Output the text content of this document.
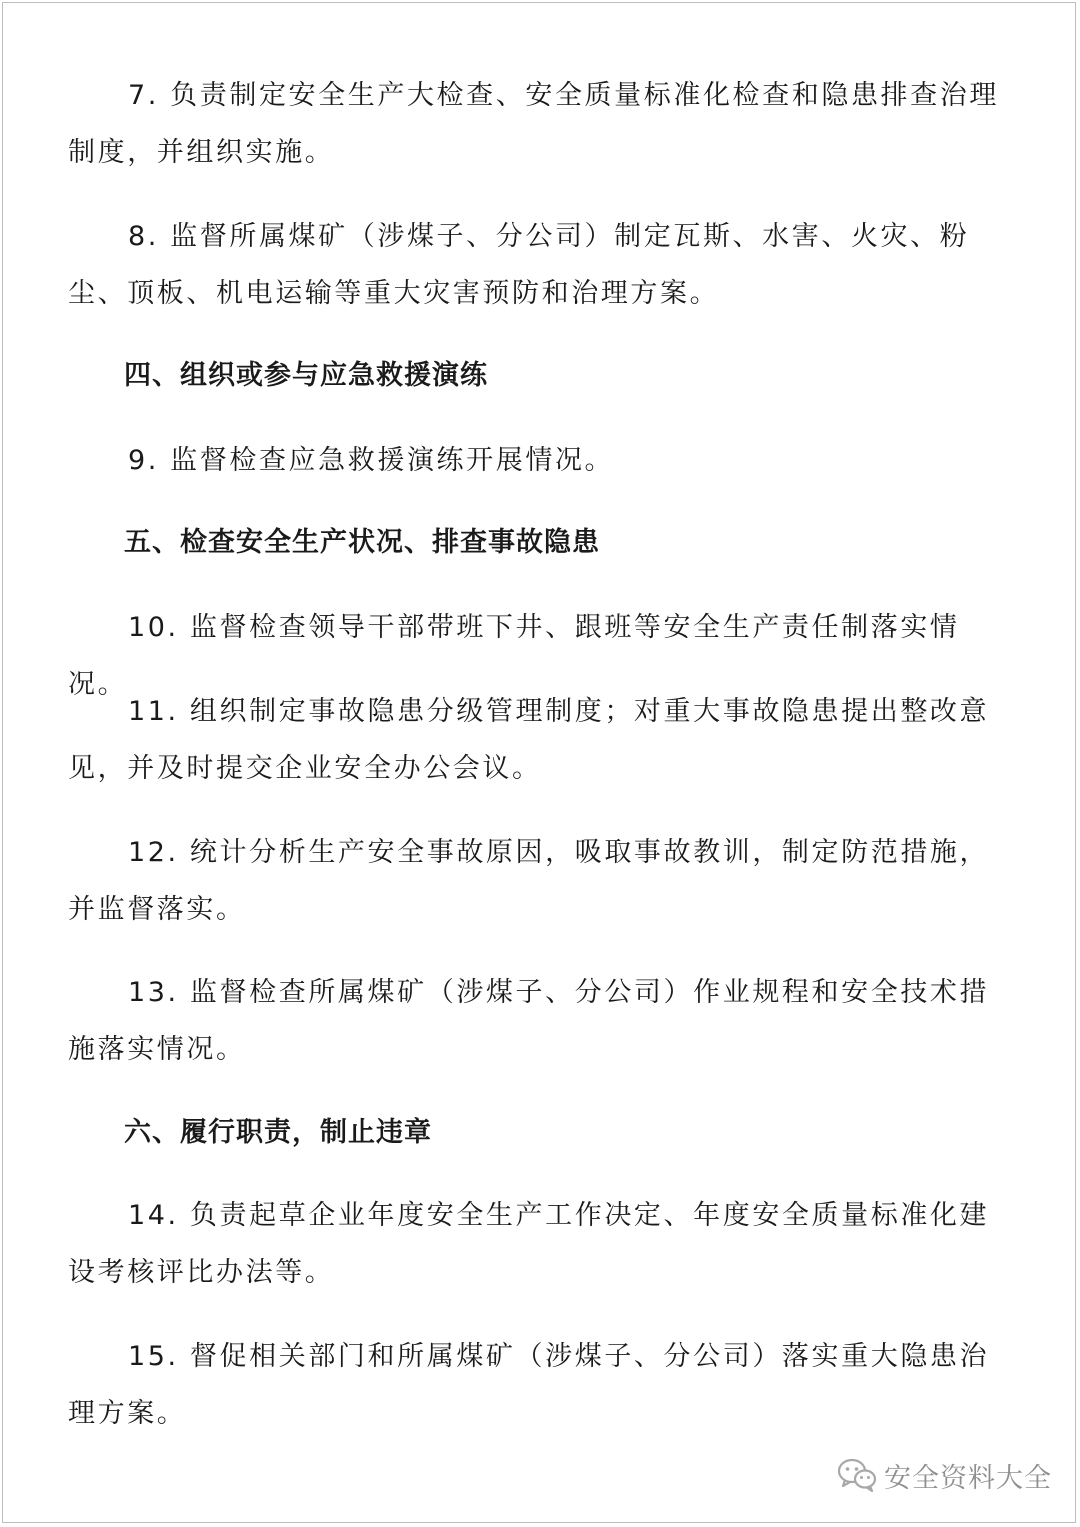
7. 负责制定安全生产大检查、安全质量标准化检查和隐患排查治理制度，并组织实施。

8. 监督所属煤矿（涉煤子、分公司）制定瓦斯、水害、火灾、粉尘、顶板、机电运输等重大灾害预防和治理方案。

四、组织或参与应急救援演练

9. 监督检查应急救援演练开展情况。

五、检查安全生产状况、排查事故隐患

10. 监督检查领导干部带班下井、跟班等安全生产责任制落实情况。

11. 组织制定事故隐患分级管理制度；对重大事故隐患提出整改意见，并及时提交企业安全办公会议。

12. 统计分析生产安全事故原因，吸取事故教训，制定防范措施，并监督落实。

13. 监督检查所属煤矿（涉煤子、分公司）作业规程和安全技术措施落实情况。

六、履行职责，制止违章

14. 负责起草企业年度安全生产工作决定、年度安全质量标准化建设考核评比办法等。

15. 督促相关部门和所属煤矿（涉煤子、分公司）落实重大隐患治理方案。

安全资料大全
